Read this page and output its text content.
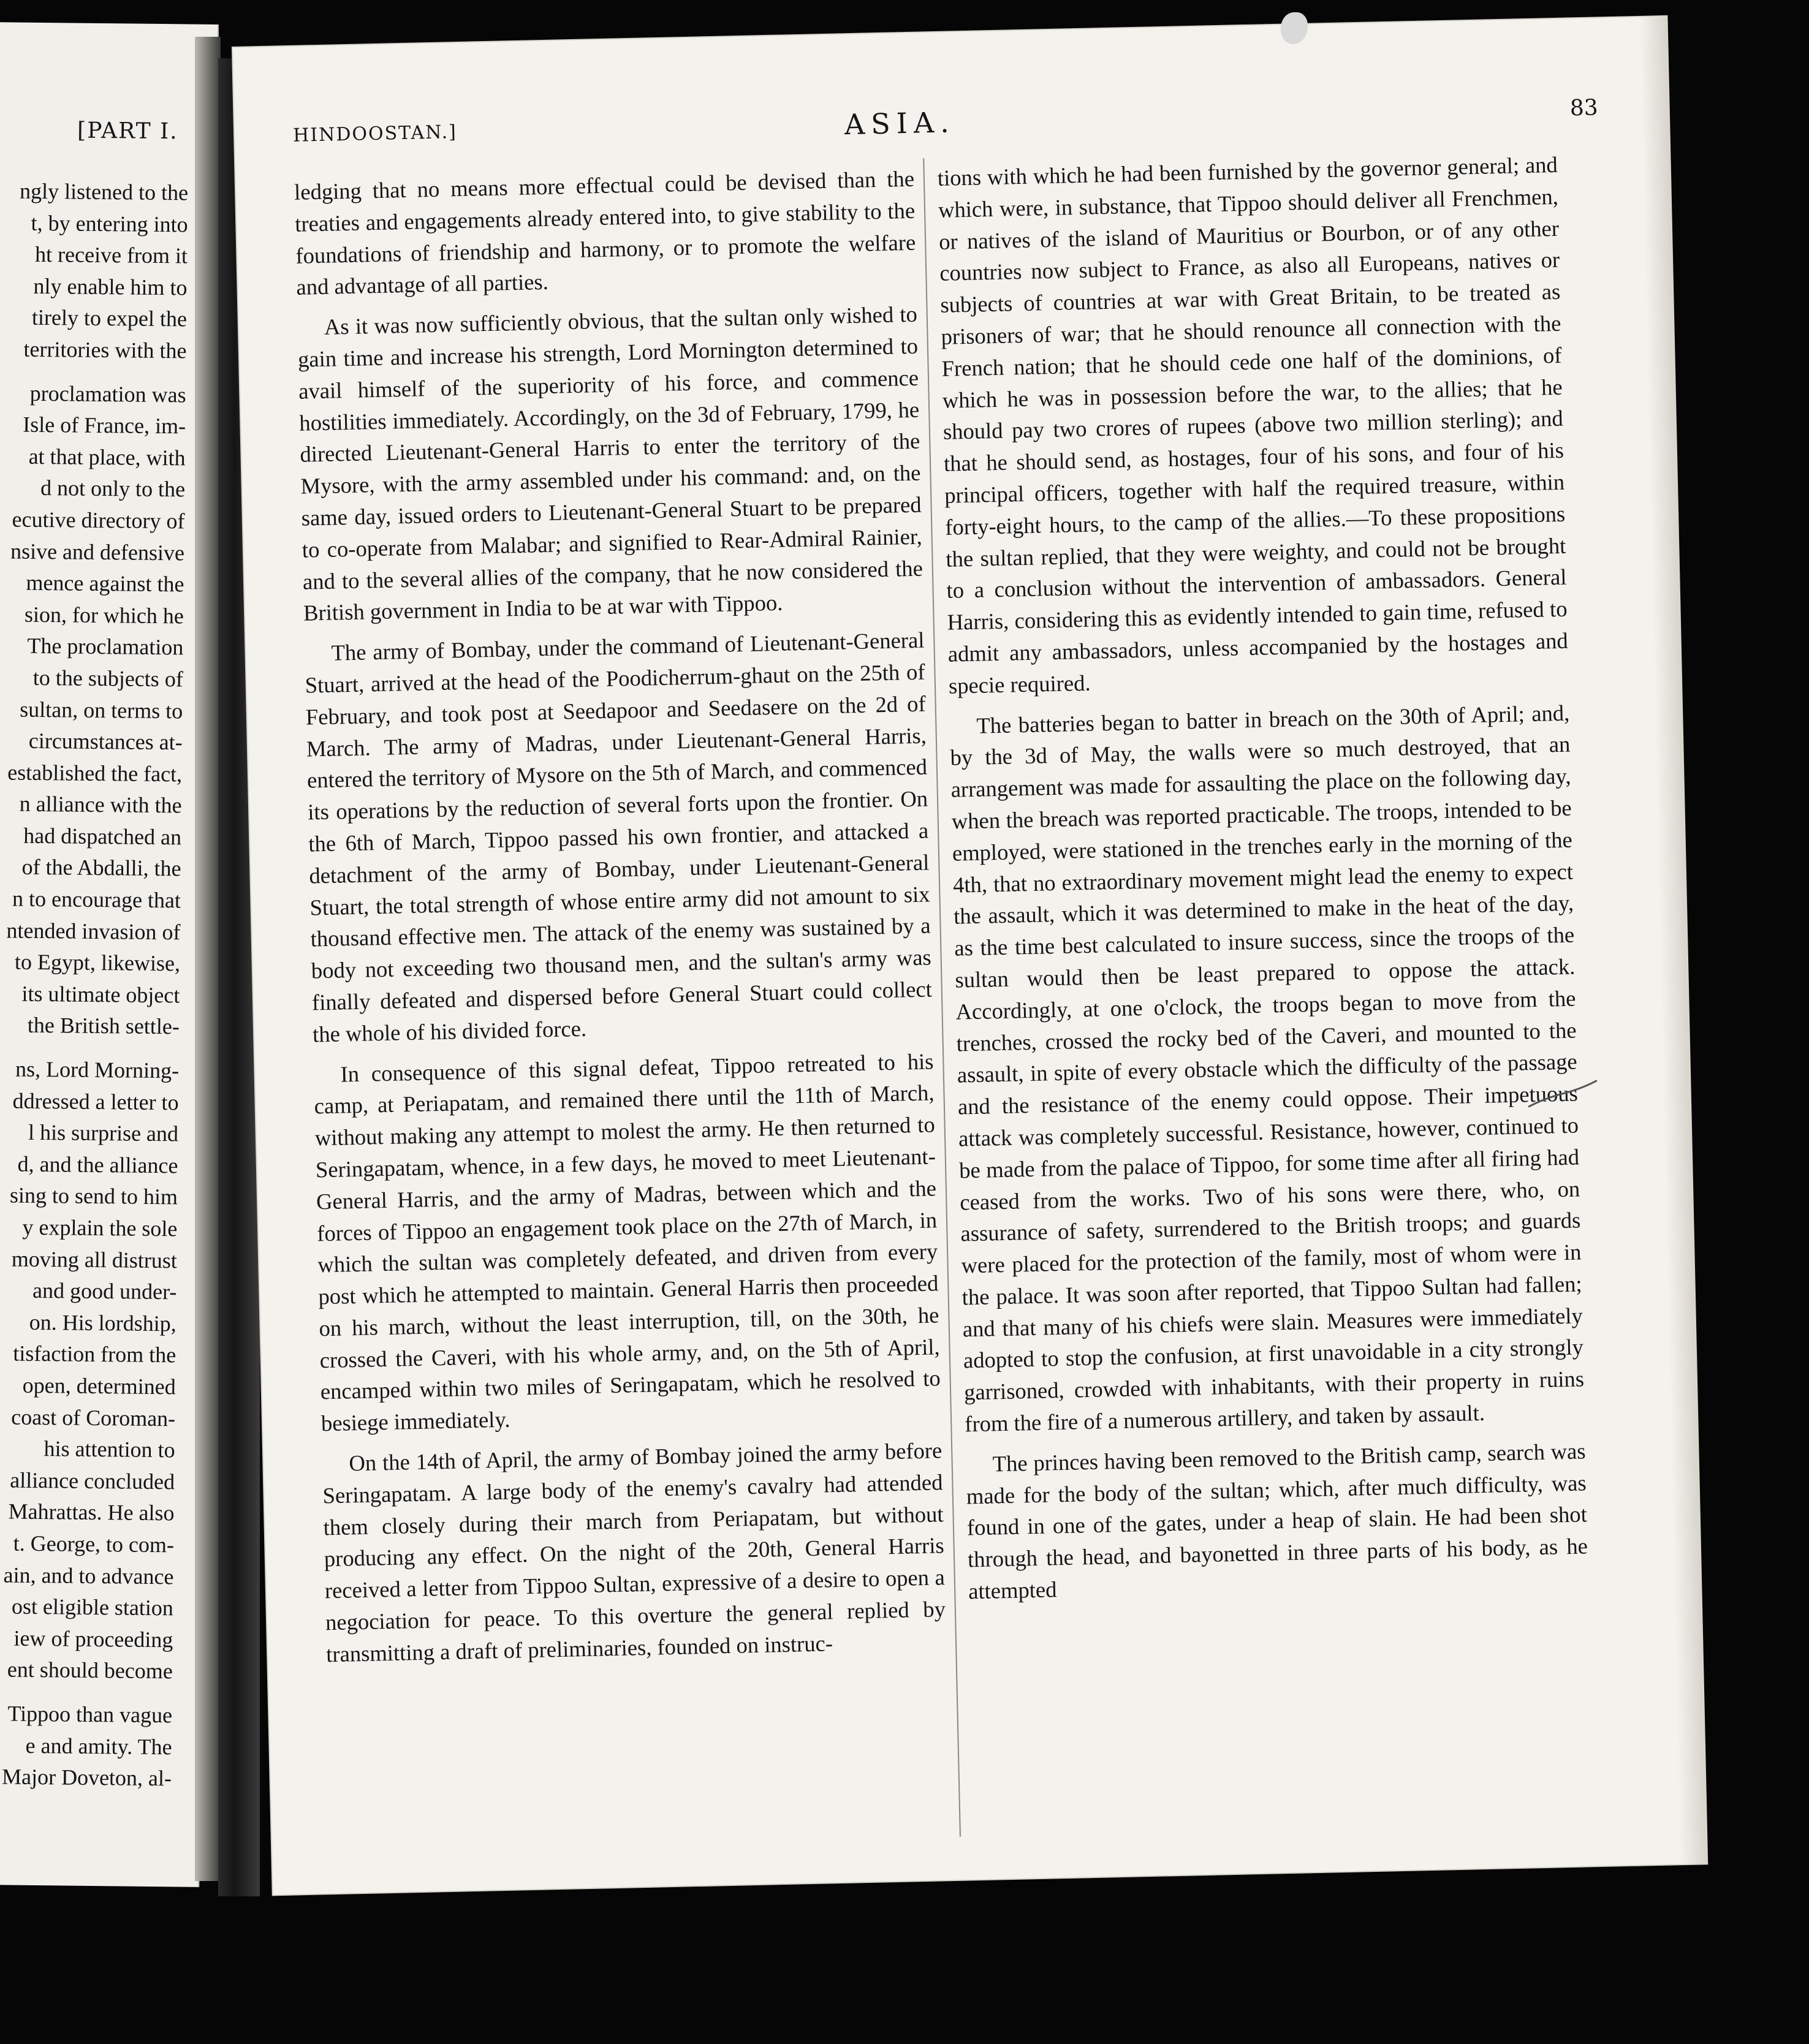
[PART I.

ngly listened to the
t, by entering into
ht receive from it
nly enable him to
tirely to expel the
territories with the
proclamation was
Isle of France, im-
at that place, with
d not only to the
ecutive directory of
nsive and defensive
mence against the
sion, for which he
The proclamation
to the subjects of
sultan, on terms to
circumstances at-
established the fact,
n alliance with the
had dispatched an
of the Abdalli, the
n to encourage that
ntended invasion of
to Egypt, likewise,
its ultimate object
the British settle-
ns, Lord Morning-
ddressed a letter to
l his surprise and
d, and the alliance
sing to send to him
y explain the sole
moving all distrust
and good under-
on. His lordship,
tisfaction from the
open, determined
coast of Coroman-
his attention to
alliance concluded
Mahrattas. He also
t. George, to com-
ain, and to advance
ost eligible station
iew of proceeding
ent should become
Tippoo than vague
e and amity. The
Major Doveton, al-

HINDOOSTAN.]	ASIA.	83

ledging that no means more effectual could be devised than the treaties and engagements already entered into, to give stability to the foundations of friendship and harmony, or to promote the welfare and advantage of all parties.

As it was now sufficiently obvious, that the sultan only wished to gain time and increase his strength, Lord Mornington determined to avail himself of the superiority of his force, and commence hostilities immediately. Accordingly, on the 3d of February, 1799, he directed Lieutenant-General Harris to enter the territory of the Mysore, with the army assembled under his command: and, on the same day, issued orders to Lieutenant-General Stuart to be prepared to co-operate from Malabar; and signified to Rear-Admiral Rainier, and to the several allies of the company, that he now considered the British government in India to be at war with Tippoo.

The army of Bombay, under the command of Lieutenant-General Stuart, arrived at the head of the Poodicherrum-ghaut on the 25th of February, and took post at Seedapoor and Seedasere on the 2d of March. The army of Madras, under Lieutenant-General Harris, entered the territory of Mysore on the 5th of March, and commenced its operations by the reduction of several forts upon the frontier. On the 6th of March, Tippoo passed his own frontier, and attacked a detachment of the army of Bombay, under Lieutenant-General Stuart, the total strength of whose entire army did not amount to six thousand effective men. The attack of the enemy was sustained by a body not exceeding two thousand men, and the sultan's army was finally defeated and dispersed before General Stuart could collect the whole of his divided force.

In consequence of this signal defeat, Tippoo retreated to his camp, at Periapatam, and remained there until the 11th of March, without making any attempt to molest the army. He then returned to Seringapatam, whence, in a few days, he moved to meet Lieutenant-General Harris, and the army of Madras, between which and the forces of Tippoo an engagement took place on the 27th of March, in which the sultan was completely defeated, and driven from every post which he attempted to maintain. General Harris then proceeded on his march, without the least interruption, till, on the 30th, he crossed the Caveri, with his whole army, and, on the 5th of April, encamped within two miles of Seringapatam, which he resolved to besiege immediately.

On the 14th of April, the army of Bombay joined the army before Seringapatam. A large body of the enemy's cavalry had attended them closely during their march from Periapatam, but without producing any effect. On the night of the 20th, General Harris received a letter from Tippoo Sultan, expressive of a desire to open a negociation for peace. To this overture the general replied by transmitting a draft of preliminaries, founded on instruc-

tions with which he had been furnished by the governor general; and which were, in substance, that Tippoo should deliver all Frenchmen, or natives of the island of Mauritius or Bourbon, or of any other countries now subject to France, as also all Europeans, natives or subjects of countries at war with Great Britain, to be treated as prisoners of war; that he should renounce all connection with the French nation; that he should cede one half of the dominions, of which he was in possession before the war, to the allies; that he should pay two crores of rupees (above two million sterling); and that he should send, as hostages, four of his sons, and four of his principal officers, together with half the required treasure, within forty-eight hours, to the camp of the allies.—To these propositions the sultan replied, that they were weighty, and could not be brought to a conclusion without the intervention of ambassadors. General Harris, considering this as evidently intended to gain time, refused to admit any ambassadors, unless accompanied by the hostages and specie required.

The batteries began to batter in breach on the 30th of April; and, by the 3d of May, the walls were so much destroyed, that an arrangement was made for assaulting the place on the following day, when the breach was reported practicable. The troops, intended to be employed, were stationed in the trenches early in the morning of the 4th, that no extraordinary movement might lead the enemy to expect the assault, which it was determined to make in the heat of the day, as the time best calculated to insure success, since the troops of the sultan would then be least prepared to oppose the attack. Accordingly, at one o'clock, the troops began to move from the trenches, crossed the rocky bed of the Caveri, and mounted to the assault, in spite of every obstacle which the difficulty of the passage and the resistance of the enemy could oppose. Their impetuous attack was completely successful. Resistance, however, continued to be made from the palace of Tippoo, for some time after all firing had ceased from the works. Two of his sons were there, who, on assurance of safety, surrendered to the British troops; and guards were placed for the protection of the family, most of whom were in the palace. It was soon after reported, that Tippoo Sultan had fallen; and that many of his chiefs were slain. Measures were immediately adopted to stop the confusion, at first unavoidable in a city strongly garrisoned, crowded with inhabitants, with their property in ruins from the fire of a numerous artillery, and taken by assault.

The princes having been removed to the British camp, search was made for the body of the sultan; which, after much difficulty, was found in one of the gates, under a heap of slain. He had been shot through the head, and bayonetted in three parts of his body, as he attempted
